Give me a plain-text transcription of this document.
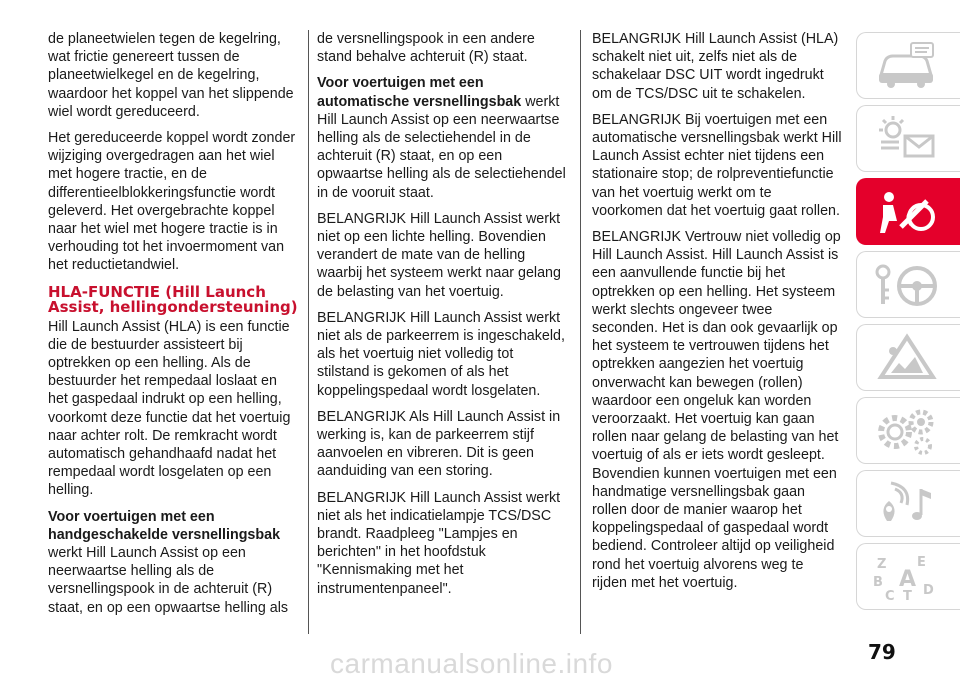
de planeetwielen tegen de kegelring, wat frictie genereert tussen de planeetwielkegel en de kegelring, waardoor het koppel van het slippende wiel wordt gereduceerd.

Het gereduceerde koppel wordt zonder wijziging overgedragen aan het wiel met hogere tractie, en de differentieelblokkeringsfunctie wordt geleverd. Het overgebrachte koppel naar het wiel met hogere tractie is in verhouding tot het invoermoment van het reductietandwiel.

HLA-FUNCTIE (Hill Launch Assist, hellingondersteuning)

Hill Launch Assist (HLA) is een functie die de bestuurder assisteert bij optrekken op een helling. Als de bestuurder het rempedaal loslaat en het gaspedaal indrukt op een helling, voorkomt deze functie dat het voertuig naar achter rolt. De remkracht wordt automatisch gehandhaafd nadat het rempedaal wordt losgelaten op een helling.

Voor voertuigen met een handgeschakelde versnellingsbak werkt Hill Launch Assist op een neerwaartse helling als de versnellingspook in de achteruit (R) staat, en op een opwaartse helling als

de versnellingspook in een andere stand behalve achteruit (R) staat.

Voor voertuigen met een automatische versnellingsbak werkt Hill Launch Assist op een neerwaartse helling als de selectiehendel in de achteruit (R) staat, en op een opwaartse helling als de selectiehendel in de vooruit staat.

BELANGRIJK Hill Launch Assist werkt niet op een lichte helling. Bovendien verandert de mate van de helling waarbij het systeem werkt naar gelang de belasting van het voertuig.

BELANGRIJK Hill Launch Assist werkt niet als de parkeerrem is ingeschakeld, als het voertuig niet volledig tot stilstand is gekomen of als het koppelingspedaal wordt losgelaten.

BELANGRIJK Als Hill Launch Assist in werking is, kan de parkeerrem stijf aanvoelen en vibreren. Dit is geen aanduiding van een storing.

BELANGRIJK Hill Launch Assist werkt niet als het indicatielampje TCS/DSC brandt. Raadpleeg "Lampjes en berichten" in het hoofdstuk "Kennismaking met het instrumentenpaneel".

BELANGRIJK Hill Launch Assist (HLA) schakelt niet uit, zelfs niet als de schakelaar DSC UIT wordt ingedrukt om de TCS/DSC uit te schakelen.

BELANGRIJK Bij voertuigen met een automatische versnellingsbak werkt Hill Launch Assist echter niet tijdens een stationaire stop; de rolpreventiefunctie van het voertuig werkt om te voorkomen dat het voertuig gaat rollen.

BELANGRIJK Vertrouw niet volledig op Hill Launch Assist. Hill Launch Assist is een aanvullende functie bij het optrekken op een helling. Het systeem werkt slechts ongeveer twee seconden. Het is dan ook gevaarlijk op het systeem te vertrouwen tijdens het optrekken aangezien het voertuig onverwacht kan bewegen (rollen) waardoor een ongeluk kan worden veroorzaakt. Het voertuig kan gaan rollen naar gelang de belasting van het voertuig of als er iets wordt gesleept. Bovendien kunnen voertuigen met een handmatige versnellingsbak gaan rollen door de manier waarop het koppelingspedaal of gaspedaal wordt bediend. Controleer altijd op veiligheid rond het voertuig alvorens weg te rijden met het voertuig.

Z E
B A
C T D
79
carmanualsonline.info
